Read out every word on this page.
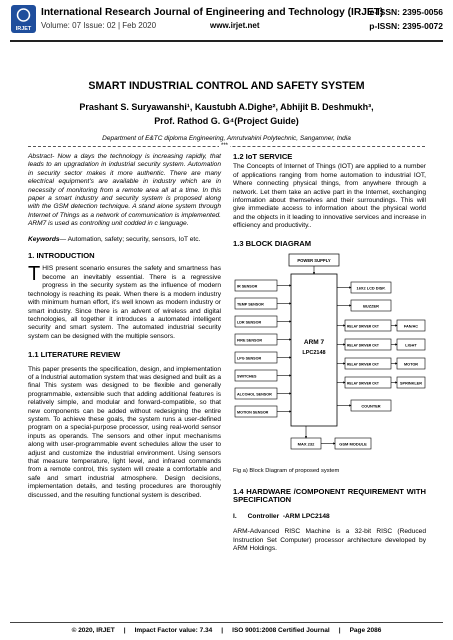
IRJET
International Research Journal of Engineering and Technology (IRJET)
Volume: 07 Issue: 02 | Feb 2020	www.irjet.net
e-ISSN: 2395-0056
p-ISSN: 2395-0072
SMART INDUSTRIAL CONTROL AND SAFETY SYSTEM
Prashant S. Suryawanshi¹, Kaustubh A.Dighe², Abhijit B. Deshmukh³,
Prof. Rathod G. G⁴(Project Guide)
Department of E&TC diploma Engineering, Amrutvahini Polytechnic, Sangamner, India
***

Abstract- Now a days the technology is increasing rapidly, that leads to an upgradation in industrial security system. Automation in security sector makes it more authentic. There are many electrical equipment's are available in industry which are in necessity of monitoring from a remote area all at a time. In this paper a smart industry and security system is proposed along with the GSM detection technique. A stand alone system through Internet of Things as a network of communication is implemented. ARM7 is used as controlling unit codded in c language.

Keywords— Automation, safety; security, sensors, IoT etc.

1. INTRODUCTION

THIS present scenario ensures the safety and smartness has become an inevitably essential. There is a regressive progress in the security system as the influence of modern technology is reaching its peak. When there is a modern industry with minimum human effort, it's well known as modern industry or smart industry. Since there is an advent of wireless and digital technologies, all together it introduces a automated intelligent security and smart system. The automated industrial security system can be designed with the multiple sensors.

1.1 LITERATURE REVIEW

This paper presents the specification, design, and implementation of a Industrial automation system that was designed and built as a final This system was designed to be flexible and generally programmable, extensible such that adding additional features is relatively simple, and modular and forward-compatible, so that new components can be added without redesigning the entire system. To achieve these goals, the system runs a user-defined program on a special-purpose processor, using real-world sensor inputs as operands. The sensors and other input mechanisms along with user-programmable event schedules allow the user to adjust and customize the industrial environment. Using sensors that measure temperature, light level, and infrared commands from a remote control, this system will create a comfortable and safe and smart industrial atmosphere. Design decisions, implementation details, and testing procedures are thoroughly discussed, and the resulting functional system is described.

1.2 IoT SERVICE

The Concepts of Internet of Things (IOT) are applied to a number of applications ranging from home automation to industrial IOT, Where connecting physical things, from anywhere through a network. Let them take an active part in the Internet, exchanging information about themselves and their surroundings. This will give immediate access to information about the physical world and the objects in it leading to innovative services and increase in efficiency and productivity..

1.3 BLOCK DIAGRAM
POWER SUPPLY
ARM 7
LPC2148
IR SENSOR
TEMP SENSOR
LDR SENSOR
FIRE SENSOR
LPG SENSOR
SWITCHES
ALCOHOL SENSOR
MOTION SENSOR
16X2 LCD DISP.
BUZZER
RELAY DRIVER CKT	FAN/AC
RELAY DRIVER CKT	LIGHT
RELAY DRIVER CKT	MOTOR
RELAY DRIVER CKT	SPRINKLER
COUNTER
MAX 232	GSM MODULE
Fig a) Block Diagram of proposed system
1.4 HARDWARE /COMPONENT REQUIREMENT WITH SPECIFICATION

I.      Controller  -ARM LPC2148

ARM-Advanced RISC Machine is a 32-bit RISC (Reduced Instruction Set Computer) processor architecture developed by ARM Holdings.

© 2020, IRJET     |     Impact Factor value: 7.34     |     ISO 9001:2008 Certified Journal     |     Page 2086
